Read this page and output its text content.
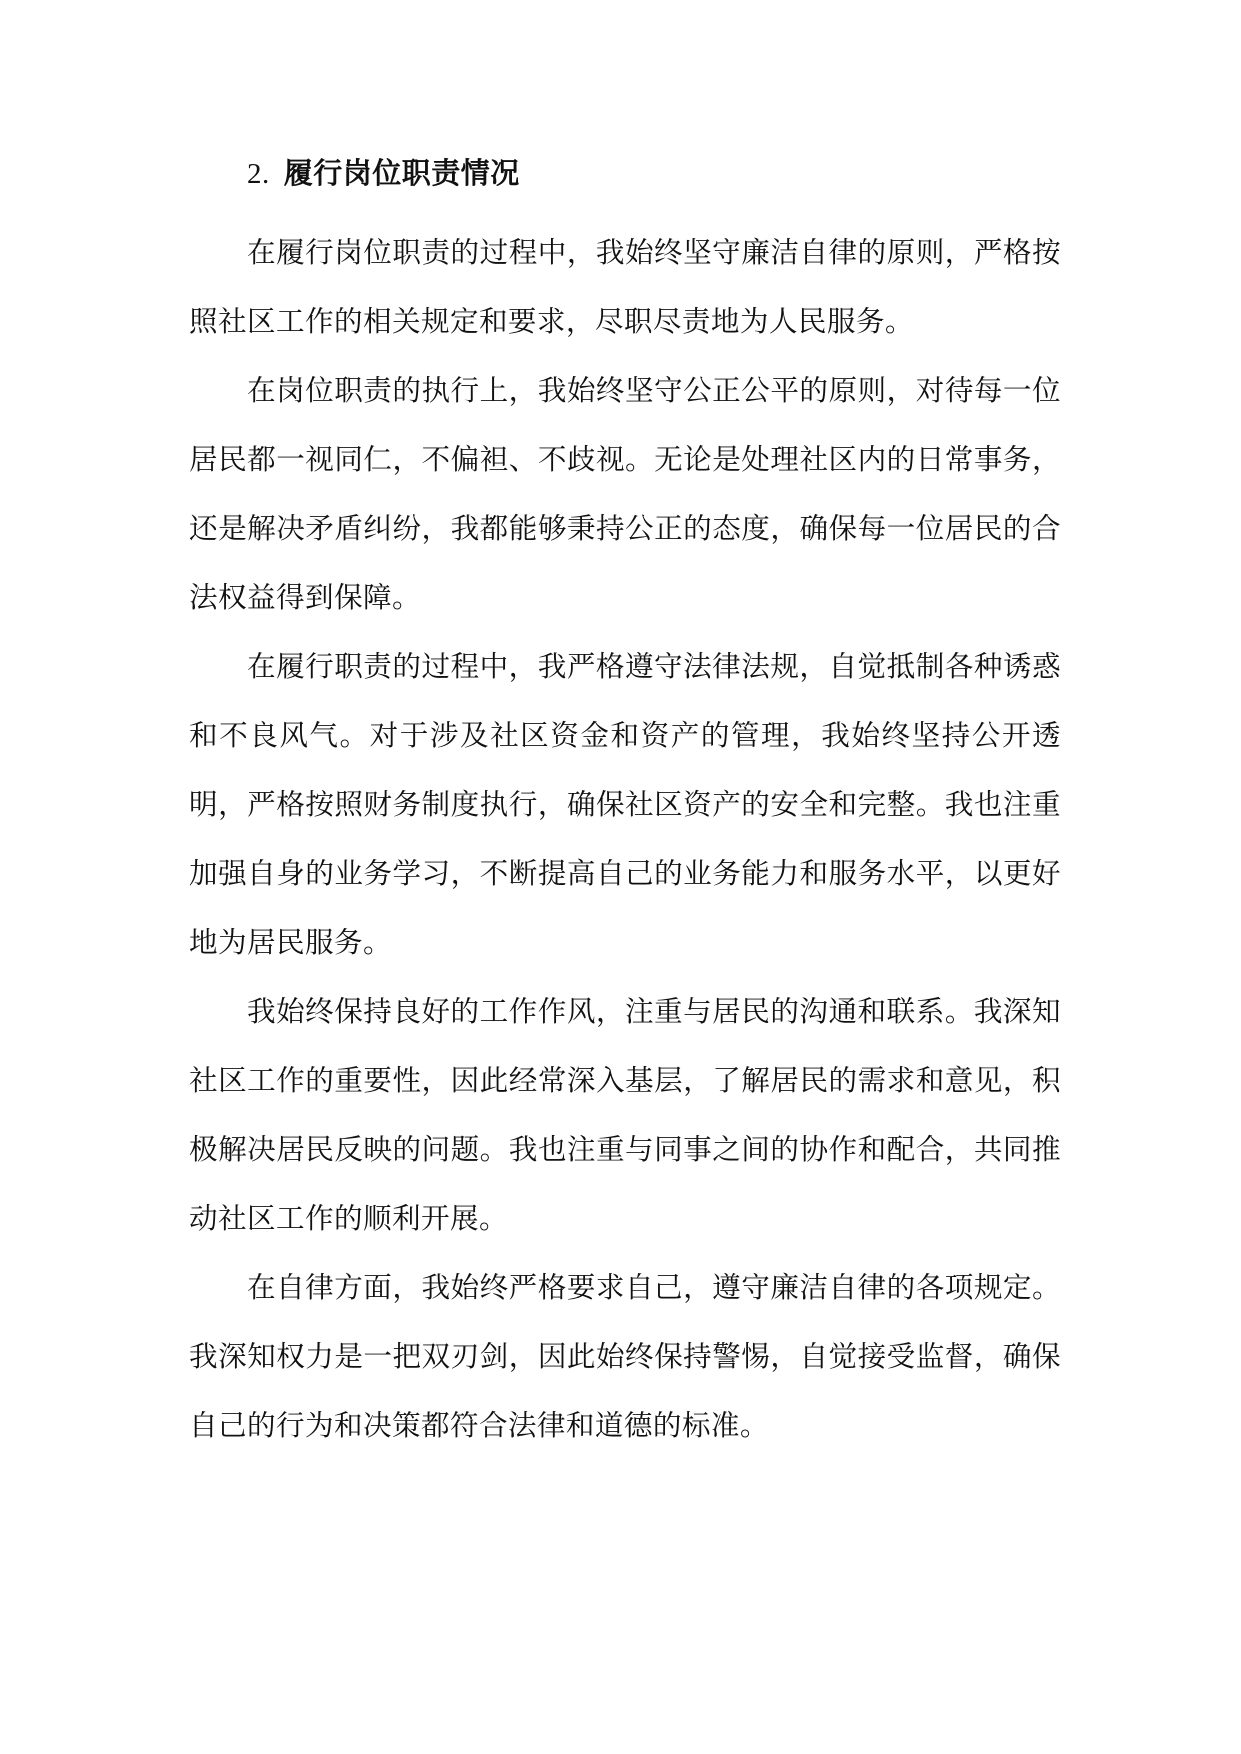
2. 履行岗位职责情况

在履行岗位职责的过程中，我始终坚守廉洁自律的原则，严格按照社区工作的相关规定和要求，尽职尽责地为人民服务。

在岗位职责的执行上，我始终坚守公正公平的原则，对待每一位居民都一视同仁，不偏袒、不歧视。无论是处理社区内的日常事务，还是解决矛盾纠纷，我都能够秉持公正的态度，确保每一位居民的合法权益得到保障。

在履行职责的过程中，我严格遵守法律法规，自觉抵制各种诱惑和不良风气。对于涉及社区资金和资产的管理，我始终坚持公开透明，严格按照财务制度执行，确保社区资产的安全和完整。我也注重加强自身的业务学习，不断提高自己的业务能力和服务水平，以更好地为居民服务。

我始终保持良好的工作作风，注重与居民的沟通和联系。我深知社区工作的重要性，因此经常深入基层，了解居民的需求和意见，积极解决居民反映的问题。我也注重与同事之间的协作和配合，共同推动社区工作的顺利开展。

在自律方面，我始终严格要求自己，遵守廉洁自律的各项规定。我深知权力是一把双刃剑，因此始终保持警惕，自觉接受监督，确保自己的行为和决策都符合法律和道德的标准。
